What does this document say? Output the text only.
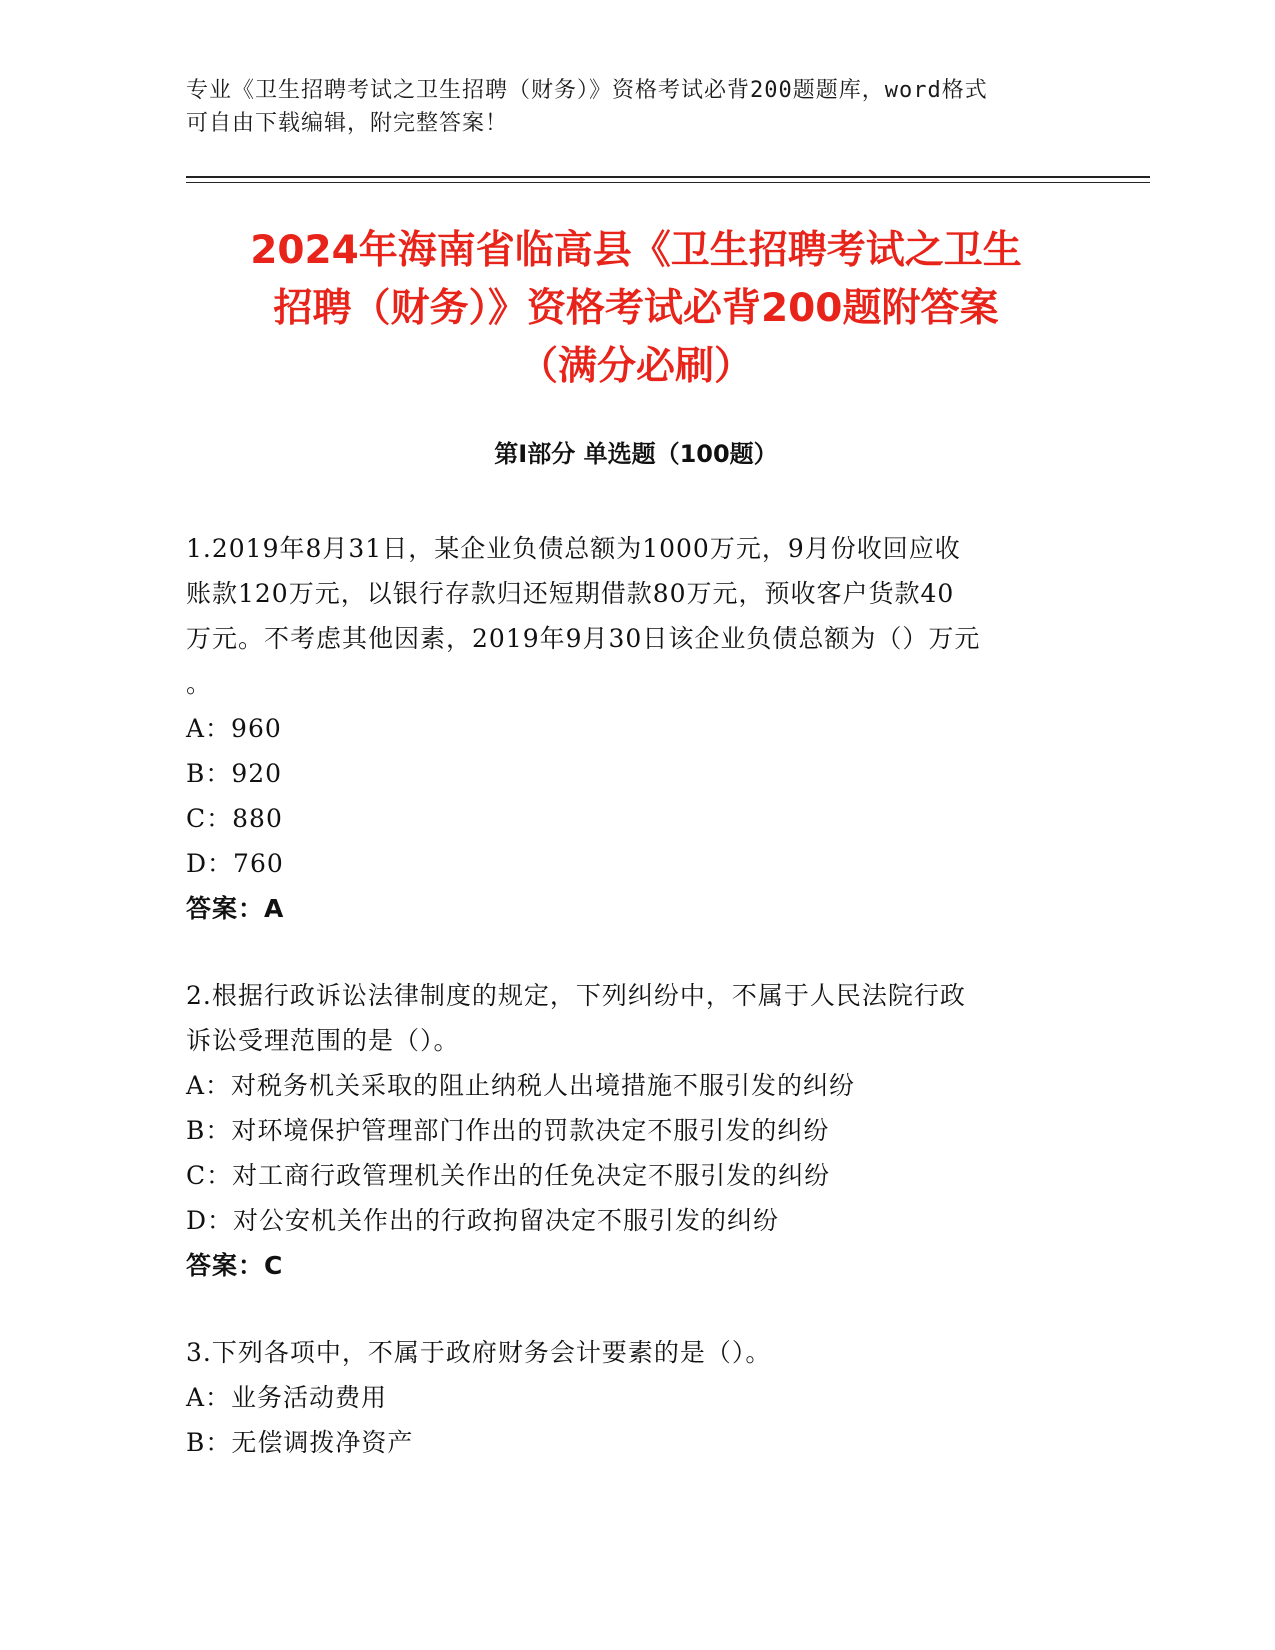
专业《卫生招聘考试之卫生招聘（财务）》资格考试必背200题题库，word格式
可自由下载编辑，附完整答案！
2024年海南省临高县《卫生招聘考试之卫生
招聘（财务）》资格考试必背200题附答案
（满分必刷）
第Ⅰ部分 单选题（100题）
1.2019年8月31日，某企业负债总额为1000万元，9月份收回应收
账款120万元，以银行存款归还短期借款80万元，预收客户货款40
万元。不考虑其他因素，2019年9月30日该企业负债总额为（）万元
。
A：960
B：920
C：880
D：760
答案：A
2.根据行政诉讼法律制度的规定，下列纠纷中，不属于人民法院行政
诉讼受理范围的是（）。
A：对税务机关采取的阻止纳税人出境措施不服引发的纠纷
B：对环境保护管理部门作出的罚款决定不服引发的纠纷
C：对工商行政管理机关作出的任免决定不服引发的纠纷
D：对公安机关作出的行政拘留决定不服引发的纠纷
答案：C
3.下列各项中，不属于政府财务会计要素的是（）。
A：业务活动费用
B：无偿调拨净资产
